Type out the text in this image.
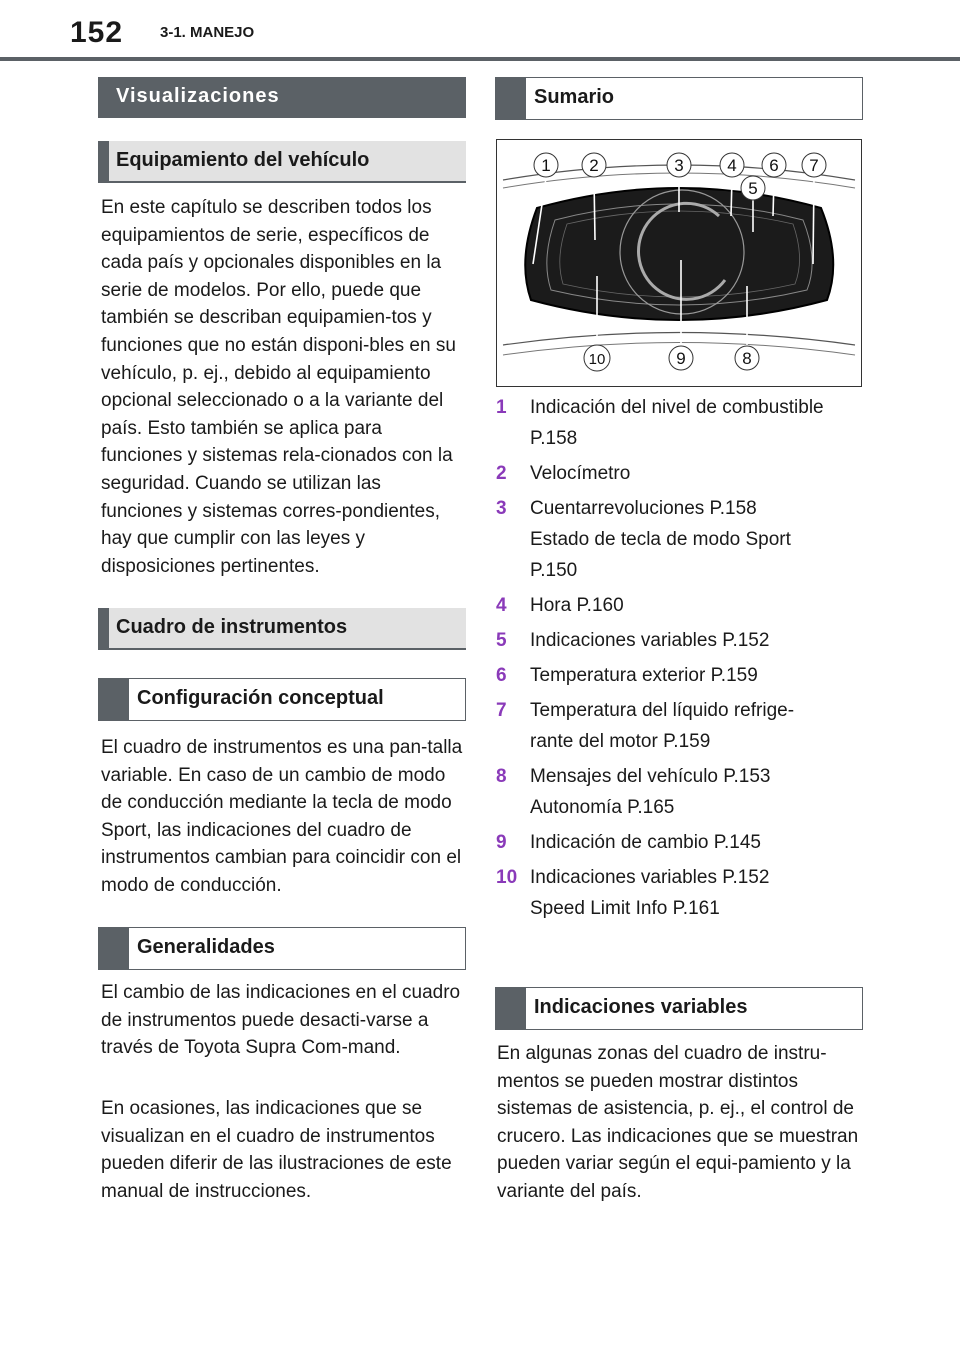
152 3-1. MANEJO
Visualizaciones
Equipamiento del vehículo

En este capítulo se describen todos los equipamientos de serie, específicos de cada país y opcionales disponibles en la serie de modelos. Por ello, puede que también se describan equipamien-tos y funciones que no están disponi-bles en su vehículo, p. ej., debido al equipamiento opcional seleccionado o a la variante del país. Esto también se aplica para funciones y sistemas rela-cionados con la seguridad. Cuando se utilizan las funciones y sistemas corres-pondientes, hay que cumplir con las leyes y disposiciones pertinentes.

Cuadro de instrumentos
Configuración conceptual

El cuadro de instrumentos es una pan-talla variable. En caso de un cambio de modo de conducción mediante la tecla de modo Sport, las indicaciones del cuadro de instrumentos cambian para coincidir con el modo de conducción.

Generalidades

El cambio de las indicaciones en el cuadro de instrumentos puede desacti-varse a través de Toyota Supra Com-mand.

En ocasiones, las indicaciones que se visualizan en el cuadro de instrumentos pueden diferir de las ilustraciones de este manual de instrucciones.

Sumario
1 2	3	4
5
6 7
8
9
10
1	Indicación del nivel de combustible
P.158
2	Velocímetro
3	Cuentarrevoluciones P.158
Estado de tecla de modo Sport
P.150
4	Hora P.160
5	Indicaciones variables P.152
6	Temperatura exterior P.159
7	Temperatura del líquido refrige-
rante del motor P.159
8	Mensajes del vehículo P.153
Autonomía P.165
9	Indicación de cambio P.145
10 Indicaciones variables P.152
Speed Limit Info P.161
Indicaciones variables

En algunas zonas del cuadro de instru-mentos se pueden mostrar distintos sistemas de asistencia, p. ej., el control de crucero. Las indicaciones que se muestran pueden variar según el equi-pamiento y la variante del país.
